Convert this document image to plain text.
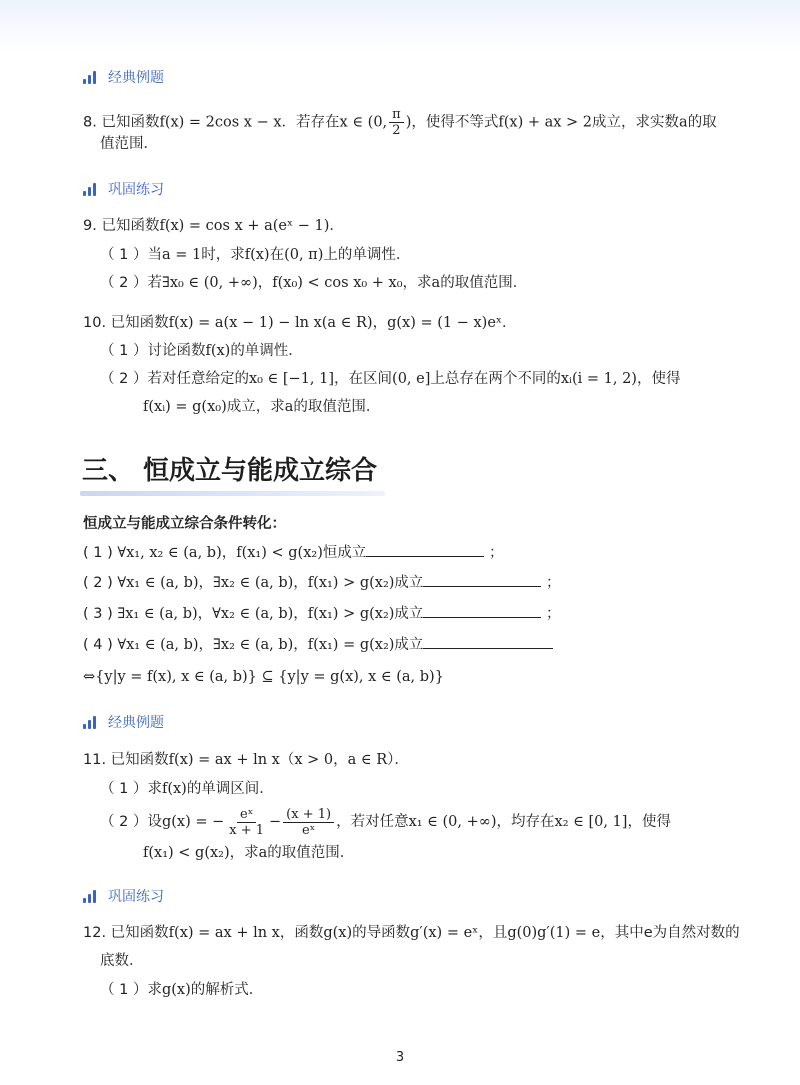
经典例题
8. 已知函数f(x) = 2cos x − x．若存在x ∈ (0, $\frac{\pi}{2}$ )，使得不等式f(x) + ax > 2成立，求实数a的取
值范围．
巩固练习
9. 已知函数f(x) = cos x + a(eˣ − 1)．
（ 1 ）当a = 1时，求f(x)在(0, π)上的单调性．
（ 2 ）若∃x₀ ∈ (0, +∞)，f(x₀) < cos x₀ + x₀，求a的取值范围．
10. 已知函数f(x) = a(x − 1) − ln x(a ∈ R)，g(x) = (1 − x)eˣ．
（ 1 ）讨论函数f(x)的单调性．
（ 2 ）若对任意给定的x₀ ∈ [−1, 1]，在区间(0, e]上总存在两个不同的xᵢ(i = 1, 2)，使得
f(xᵢ) = g(x₀)成立，求a的取值范围．
三、 恒成立与能成立综合
恒成立与能成立综合条件转化：
( 1 ) ∀x₁, x₂ ∈ (a, b)，f(x₁) < g(x₂)恒成立	；
( 2 ) ∀x₁ ∈ (a, b)，∃x₂ ∈ (a, b)，f(x₁) > g(x₂)成立	；
( 3 ) ∃x₁ ∈ (a, b)，∀x₂ ∈ (a, b)，f(x₁) > g(x₂)成立	；
( 4 ) ∀x₁ ∈ (a, b)，∃x₂ ∈ (a, b)，f(x₁) = g(x₂)成立
⇔{y|y = f(x), x ∈ (a, b)} ⊆ {y|y = g(x), x ∈ (a, b)}
经典例题
11. 已知函数f(x) = ax + ln x（x > 0，a ∈ R）．
（ 1 ）求f(x)的单调区间．
（ 2 ）设g(x) = − $\frac{\text{eˣ}}{x + 1} - \frac{(x + 1)}{\text{eˣ}}$ ，若对任意x₁ ∈ (0, +∞)，均存在x₂ ∈ [0, 1]，使得
f(x₁) < g(x₂)，求a的取值范围．
巩固练习
12. 已知函数f(x) = ax + ln x，函数g(x)的导函数g′(x) = eˣ，且g(0)g′(1) = e，其中e为自然对数的
底数．
（ 1 ）求g(x)的解析式．
3
